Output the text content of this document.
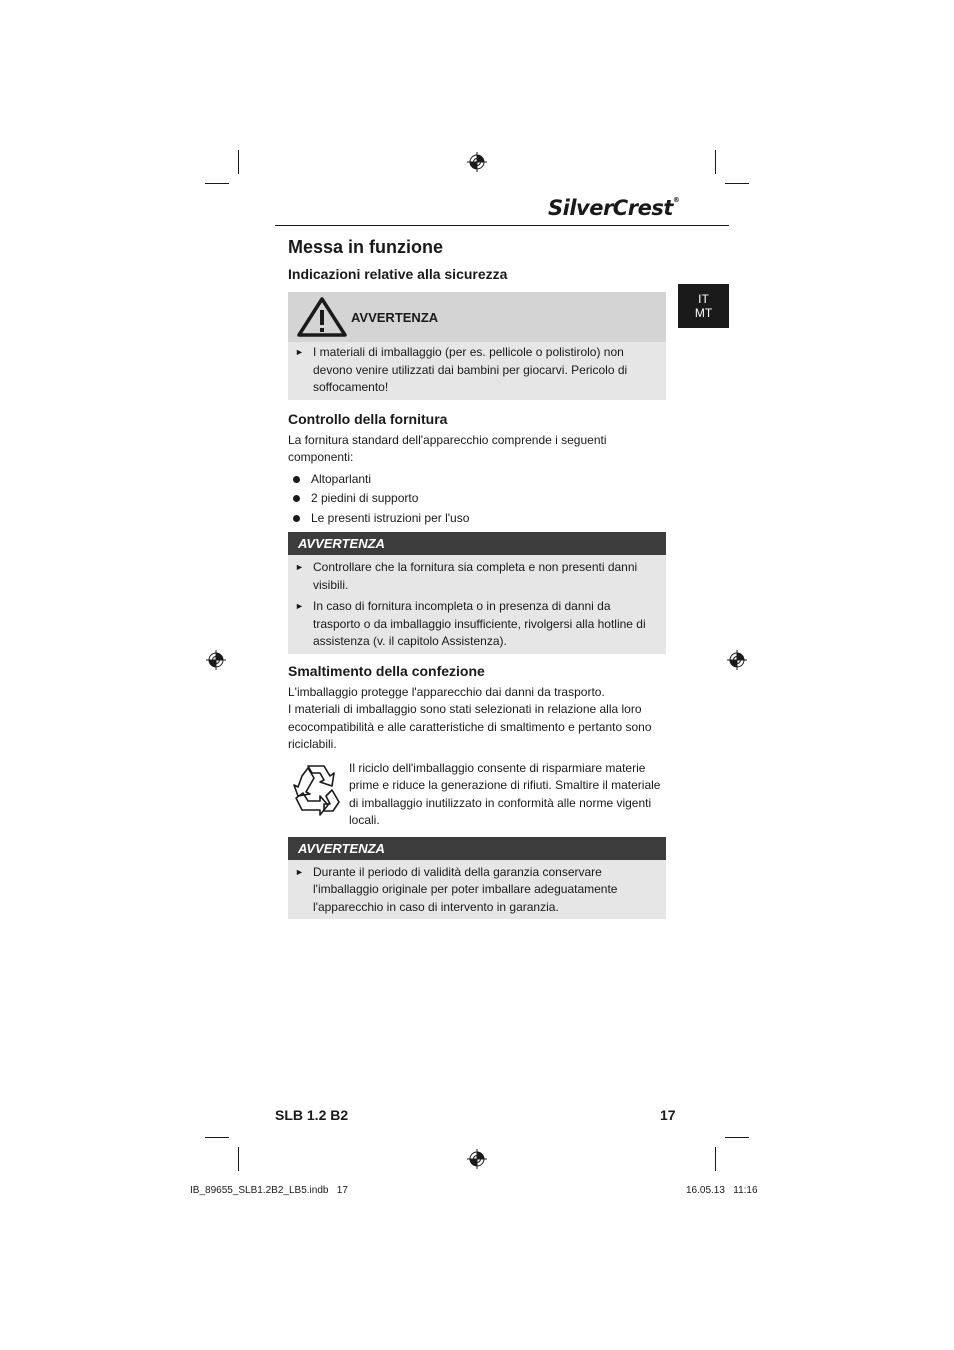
SilverCrest®
IT
MT
Messa in funzione
Indicazioni relative alla sicurezza
AVVERTENZA
► I materiali di imballaggio (per es. pellicole o polistirolo) non devono venire utilizzati dai bambini per giocarvi. Pericolo di soffocamento!
Controllo della fornitura

La fornitura standard dell'apparecchio comprende i seguenti componenti:

Altoparlanti
2 piedini di supporto
Le presenti istruzioni per l'uso
AVVERTENZA
► Controllare che la fornitura sia completa e non presenti danni visibili.
► In caso di fornitura incompleta o in presenza di danni da trasporto o da imballaggio insufficiente, rivolgersi alla hotline di assistenza (v. il capitolo Assistenza).
Smaltimento della confezione

L'imballaggio protegge l'apparecchio dai danni da trasporto.

I materiali di imballaggio sono stati selezionati in relazione alla loro ecocompatibilità e alle caratteristiche di smaltimento e pertanto sono riciclabili.

Il riciclo dell'imballaggio consente di risparmiare materie prime e riduce la generazione di rifiuti. Smaltire il materiale di imballaggio inutilizzato in conformità alle norme vigenti locali.

AVVERTENZA
► Durante il periodo di validità della garanzia conservare l'imballaggio originale per poter imballare adeguatamente l'apparecchio in caso di intervento in garanzia.
SLB 1.2 B2	17
IB_89655_SLB1.2B2_LB5.indb   17	16.05.13   11:16
